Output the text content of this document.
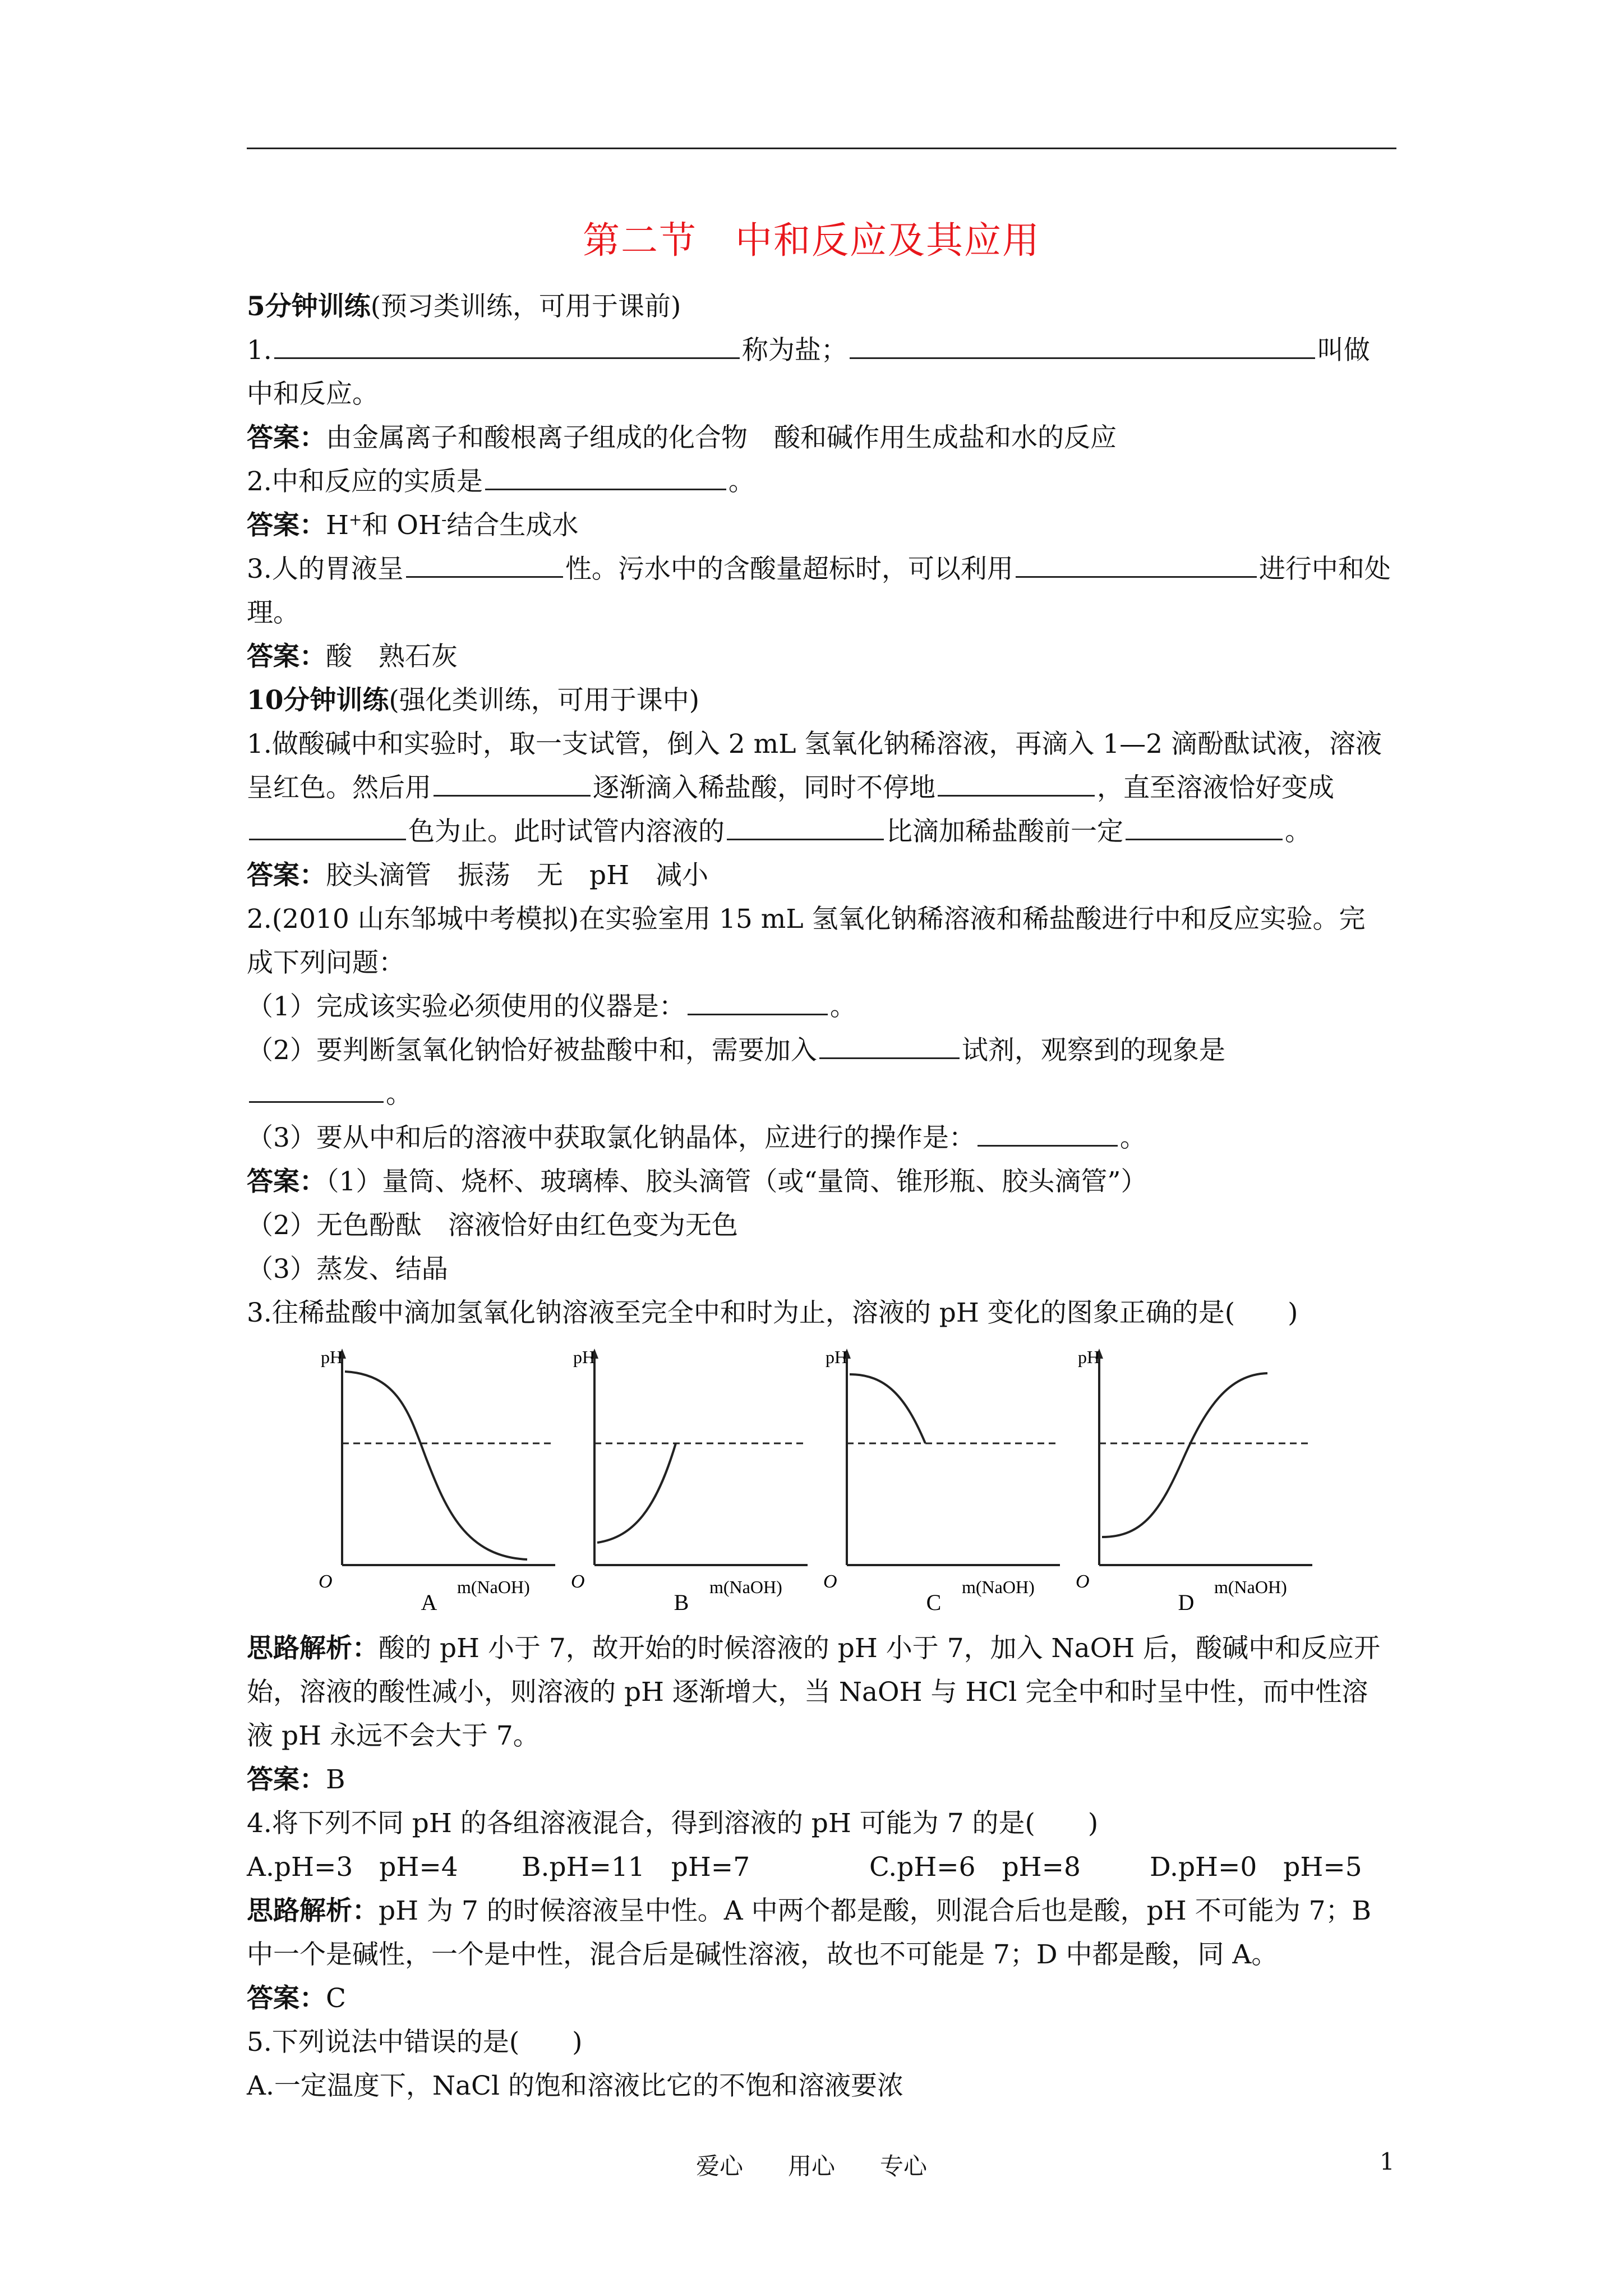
第二节　中和反应及其应用

5分钟训练(预习类训练，可用于课前)

1.	称为盐；	叫做中和反应。

答案：由金属离子和酸根离子组成的化合物　酸和碱作用生成盐和水的反应

2.中和反应的实质是	。

答案：H+和 OH-结合生成水

3.人的胃液呈	性。污水中的含酸量超标时，可以利用	进行中和处理。

答案：酸　熟石灰

10分钟训练(强化类训练，可用于课中)

1.做酸碱中和实验时，取一支试管，倒入 2 mL 氢氧化钠稀溶液，再滴入 1—2 滴酚酞试液，溶液呈红色。然后用	逐渐滴入稀盐酸，同时不停地	，直至溶液恰好变成色为止。此时试管内溶液的	比滴加稀盐酸前一定	。

答案：胶头滴管　振荡　无　pH　减小

2.(2010 山东邹城中考模拟)在实验室用 15 mL 氢氧化钠稀溶液和稀盐酸进行中和反应实验。完成下列问题：

（1）完成该实验必须使用的仪器是：	。

（2）要判断氢氧化钠恰好被盐酸中和，需要加入	试剂，观察到的现象是
。

（3）要从中和后的溶液中获取氯化钠晶体，应进行的操作是：	。

答案：（1）量筒、烧杯、玻璃棒、胶头滴管（或“量筒、锥形瓶、胶头滴管”）

（2）无色酚酞　溶液恰好由红色变为无色

（3）蒸发、结晶

3.往稀盐酸中滴加氢氧化钠溶液至完全中和时为止，溶液的 pH 变化的图象正确的是(　　)

pH
O	m(NaOH)
A
pH
O	m(NaOH)
B
pH
O	m(NaOH)
C
pH
O	m(NaOH)
D

思路解析：酸的 pH 小于 7，故开始的时候溶液的 pH 小于 7，加入 NaOH 后，酸碱中和反应开始，溶液的酸性减小，则溶液的 pH 逐渐增大，当 NaOH 与 HCl 完全中和时呈中性，而中性溶液 pH 永远不会大于 7。

答案：B

4.将下列不同 pH 的各组溶液混合，得到溶液的 pH 可能为 7 的是(　　)

A.pH=3　pH=4 B.pH=11　pH=7	C.pH=6　pH=8	D.pH=0　pH=5

思路解析：pH 为 7 的时候溶液呈中性。A 中两个都是酸，则混合后也是酸，pH 不可能为 7；B 中一个是碱性，一个是中性，混合后是碱性溶液，故也不可能是 7；D 中都是酸，同 A。

答案：C

5.下列说法中错误的是(　　)

A.一定温度下，NaCl 的饱和溶液比它的不饱和溶液要浓

爱心 用心 专心	1
